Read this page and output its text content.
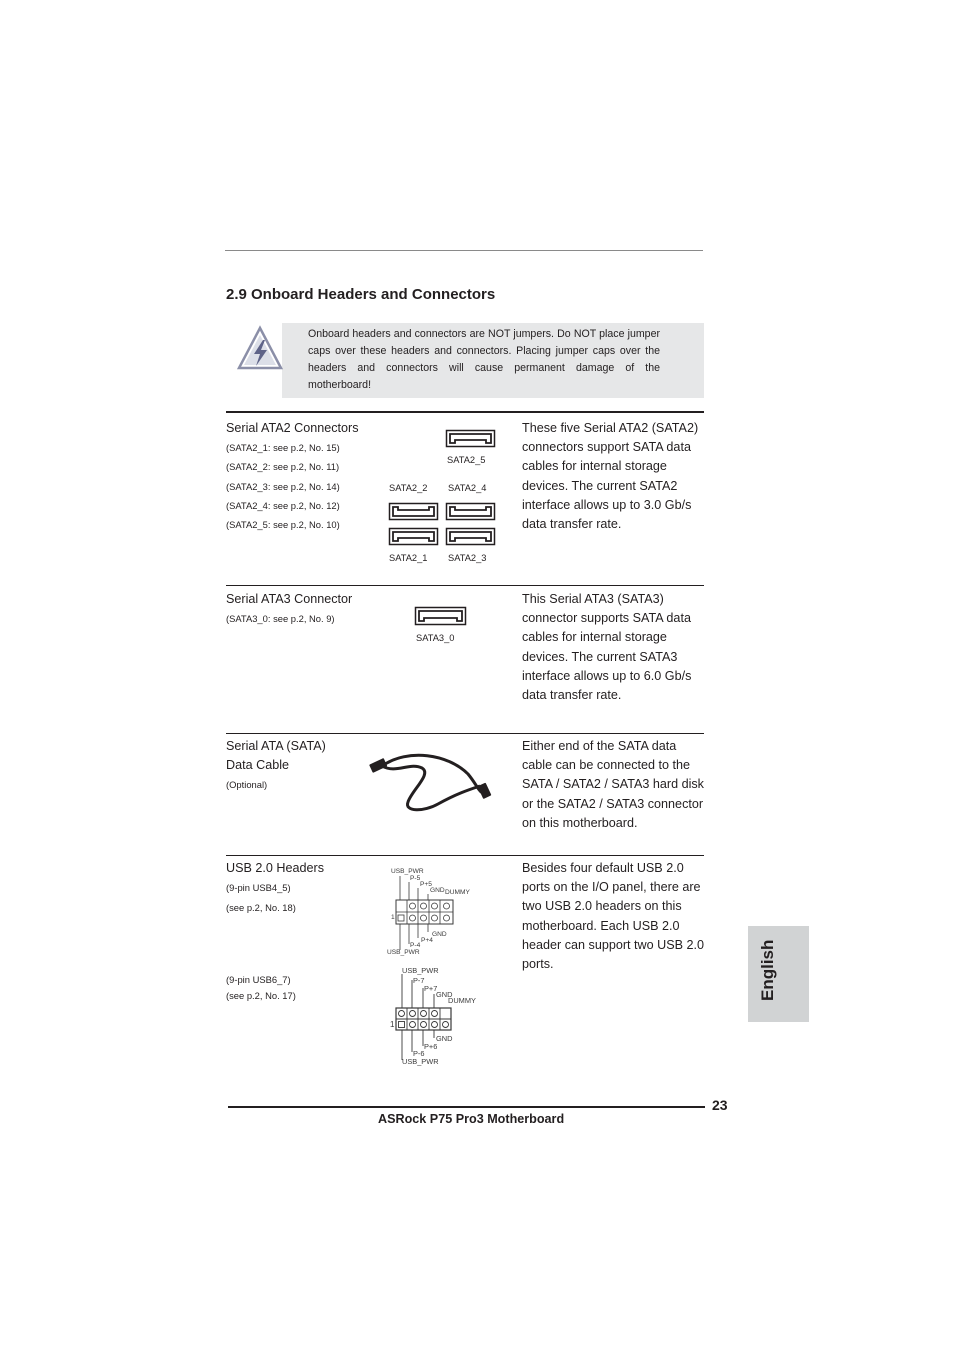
2.9 Onboard Headers and Connectors
Onboard headers and connectors are NOT jumpers. Do NOT place jumper caps over these headers and connectors. Placing jumper caps over the headers and connectors will cause permanent damage of the motherboard!
Serial ATA2 Connectors
(SATA2_1: see p.2, No. 15)
(SATA2_2: see p.2, No. 11)
(SATA2_3: see p.2, No. 14)
(SATA2_4: see p.2, No. 12)
(SATA2_5: see p.2, No. 10)
SATA2_5
SATA2_2 SATA2_4
SATA2_1 SATA2_3
These five Serial ATA2 (SATA2) connectors support SATA data cables for internal storage devices. The current SATA2 interface allows up to 3.0 Gb/s data transfer rate.
Serial ATA3 Connector
(SATA3_0: see p.2, No. 9)
SATA3_0
This Serial ATA3 (SATA3) connector supports SATA data cables for internal storage devices. The current SATA3 interface allows up to 6.0 Gb/s data transfer rate.
Serial ATA (SATA)
Data Cable
(Optional)
Either end of the SATA data cable can be connected to the SATA / SATA2 / SATA3 hard disk or the SATA2 / SATA3 connector on this motherboard.
USB 2.0 Headers
(9-pin USB4_5)
(see p.2, No. 18)
(9-pin USB6_7)
(see p.2, No. 17)
USB_PWR
P-5
P+5
GND DUMMY
1
GND
P+4
P-4
USB_PWR
USB_PWR
P-7
P+7
GND
DUMMY
1
GND
P+6
P-6
USB_PWR
Besides four default USB 2.0 ports on the I/O panel, there are two USB 2.0 headers on this motherboard. Each USB 2.0 header can support two USB 2.0 ports.	English
23
ASRock P75 Pro3 Motherboard
